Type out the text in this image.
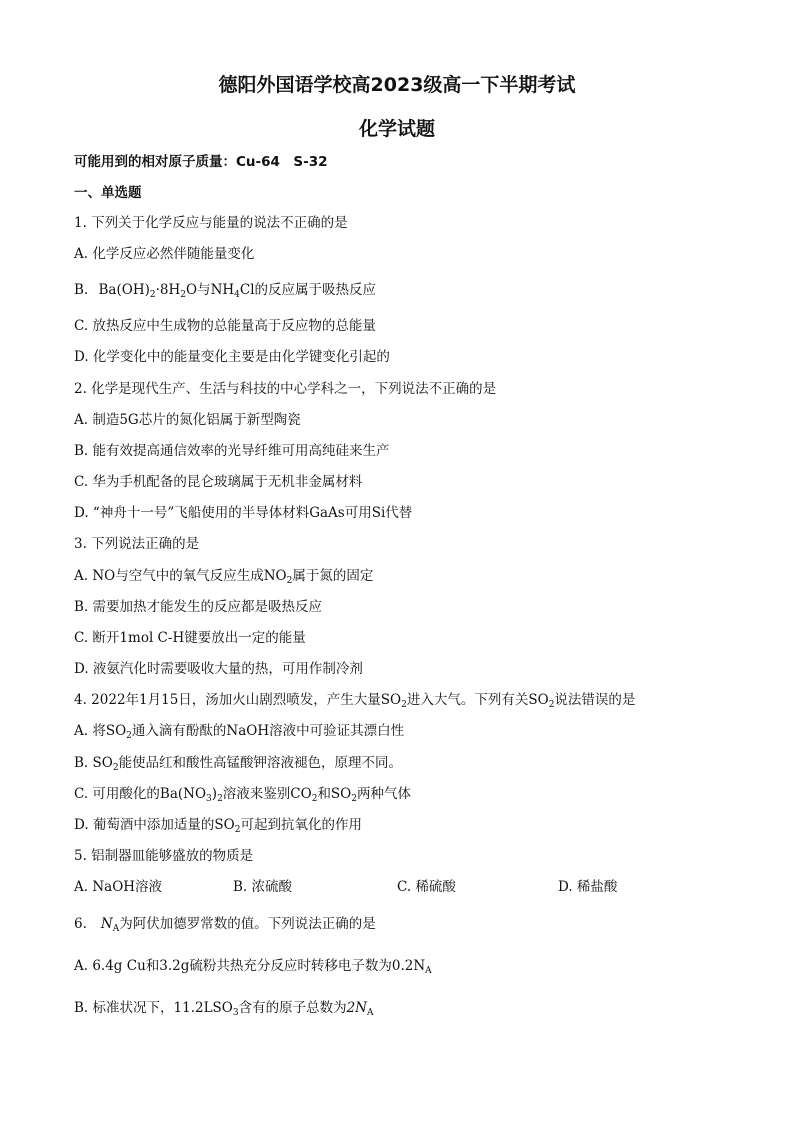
德阳外国语学校高2023级高一下半期考试
化学试题
可能用到的相对原子质量：Cu-64　S-32
一、单选题
1. 下列关于化学反应与能量的说法不正确的是
A. 化学反应必然伴随能量变化
B. $Ba(OH)_2\cdot 8H_2O$与$NH_4Cl$的反应属于吸热反应
C. 放热反应中生成物的总能量高于反应物的总能量
D. 化学变化中的能量变化主要是由化学键变化引起的
2. 化学是现代生产、生活与科技的中心学科之一，下列说法不正确的是
A. 制造5G芯片的氮化铝属于新型陶瓷
B. 能有效提高通信效率的光导纤维可用高纯硅来生产
C. 华为手机配备的昆仑玻璃属于无机非金属材料
D. “神舟十一号”飞船使用的半导体材料GaAs可用Si代替
3. 下列说法正确的是
A. NO与空气中的氧气反应生成$NO_2$属于氮的固定
B. 需要加热才能发生的反应都是吸热反应
C. 断开1mol C-H键要放出一定的能量
D. 液氨汽化时需要吸收大量的热，可用作制冷剂
4. 2022年1月15日，汤加火山剧烈喷发，产生大量$SO_2$进入大气。下列有关$SO_2$说法错误的是
A. 将$SO_2$通入滴有酚酞的NaOH溶液中可验证其漂白性
B. $SO_2$能使品红和酸性高锰酸钾溶液褪色，原理不同。
C. 可用酸化的$Ba(NO_3)_2$溶液来鉴别$CO_2$和$SO_2$两种气体
D. 葡萄酒中添加适量的$SO_2$可起到抗氧化的作用
5. 铝制器皿能够盛放的物质是
A. NaOH溶液	B. 浓硫酸	C. 稀硫酸	D. 稀盐酸
6. $N_A$为阿伏加德罗常数的值。下列说法正确的是
A. 6.4g Cu和3.2g硫粉共热充分反应时转移电子数为$0.2N_A$
B. 标准状况下，$11.2LSO_3$含有的原子总数为$2N_A$
